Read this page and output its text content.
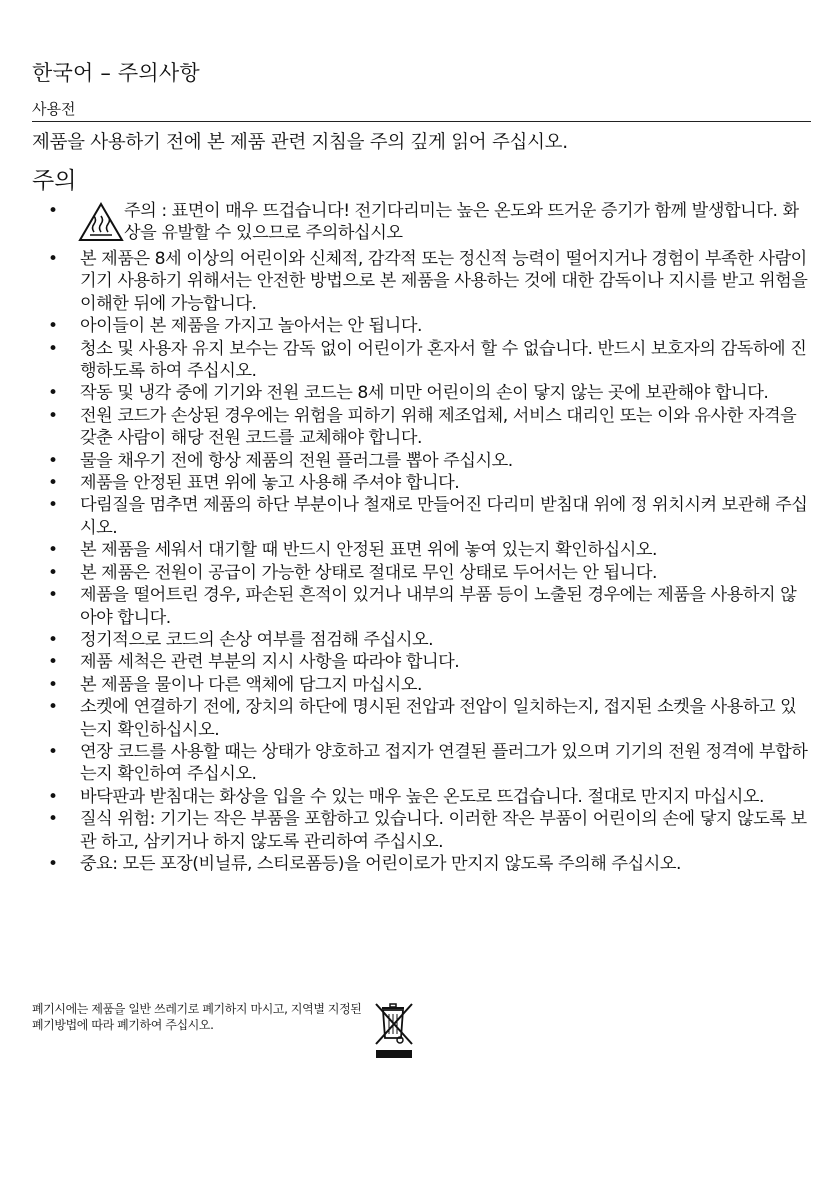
한국어 – 주의사항
사용전
제품을 사용하기 전에 본 제품 관련 지침을 주의 깊게 읽어 주십시오.
주의
•	주의 : 표면이 매우 뜨겁습니다! 전기다리미는 높은 온도와 뜨거운 증기가 함께 발생합니다. 화상을 유발할 수 있으므로 주의하십시오
• 본 제품은 8세 이상의 어린이와 신체적, 감각적 또는 정신적 능력이 떨어지거나 경험이 부족한 사람이 기기 사용하기 위해서는 안전한 방법으로 본 제품을 사용하는 것에 대한 감독이나 지시를 받고 위험을 이해한 뒤에 가능합니다.
• 아이들이 본 제품을 가지고 놀아서는 안 됩니다.
• 청소 및 사용자 유지 보수는 감독 없이 어린이가 혼자서 할 수 없습니다. 반드시 보호자의 감독하에 진행하도록 하여 주십시오.
• 작동 및 냉각 중에 기기와 전원 코드는 8세 미만 어린이의 손이 닿지 않는 곳에 보관해야 합니다.
• 전원 코드가 손상된 경우에는 위험을 피하기 위해 제조업체, 서비스 대리인 또는 이와 유사한 자격을 갖춘 사람이 해당 전원 코드를 교체해야 합니다.
• 물을 채우기 전에 항상 제품의 전원 플러그를 뽑아 주십시오.
• 제품을 안정된 표면 위에 놓고 사용해 주셔야 합니다.
• 다림질을 멈추면 제품의 하단 부분이나 철재로 만들어진 다리미 받침대 위에 정 위치시켜 보관해 주십시오.
• 본 제품을 세워서 대기할 때 반드시 안정된 표면 위에 놓여 있는지 확인하십시오.
• 본 제품은 전원이 공급이 가능한 상태로 절대로 무인 상태로 두어서는 안 됩니다.
• 제품을 떨어트린 경우, 파손된 흔적이 있거나 내부의 부품 등이 노출된 경우에는 제품을 사용하지 않아야 합니다.
• 정기적으로 코드의 손상 여부를 점검해 주십시오.
• 제품 세척은 관련 부분의 지시 사항을 따라야 합니다.
• 본 제품을 물이나 다른 액체에 담그지 마십시오.
• 소켓에 연결하기 전에, 장치의 하단에 명시된 전압과 전압이 일치하는지, 접지된 소켓을 사용하고 있는지 확인하십시오.
• 연장 코드를 사용할 때는 상태가 양호하고 접지가 연결된 플러그가 있으며 기기의 전원 정격에 부합하는지 확인하여 주십시오.
• 바닥판과 받침대는 화상을 입을 수 있는 매우 높은 온도로 뜨겁습니다. 절대로 만지지 마십시오.
• 질식 위험: 기기는 작은 부품을 포함하고 있습니다. 이러한 작은 부품이 어린이의 손에 닿지 않도록 보관 하고, 삼키거나 하지 않도록 관리하여 주십시오.
• 중요: 모든 포장(비닐류, 스티로폼등)을 어린이로가 만지지 않도록 주의해 주십시오.
폐기시에는 제품을 일반 쓰레기로 폐기하지 마시고, 지역별 지정된 폐기방법에 따라 폐기하여 주십시오.
